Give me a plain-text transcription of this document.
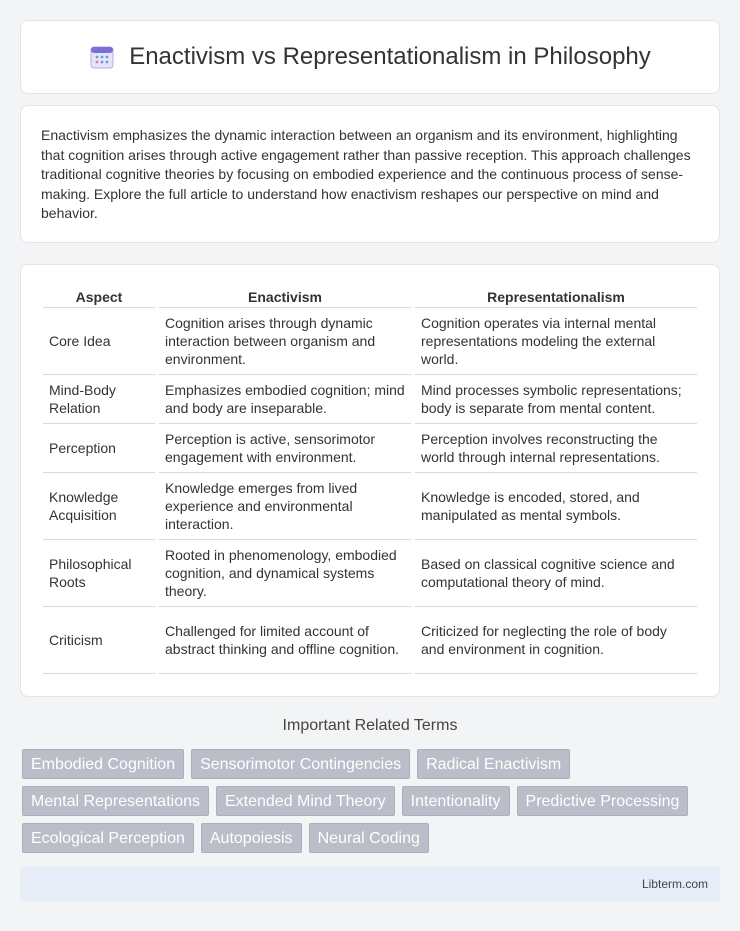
Enactivism vs Representationalism in Philosophy

Enactivism emphasizes the dynamic interaction between an organism and its environment, highlighting that cognition arises through active engagement rather than passive reception. This approach challenges traditional cognitive theories by focusing on embodied experience and the continuous process of sense-making. Explore the full article to understand how enactivism reshapes our perspective on mind and behavior.

Aspect	Enactivism	Representationalism
Core Idea	Cognition arises through dynamic interaction between organism and environment.	Cognition operates via internal mental representations modeling the external world.
Mind-Body Relation	Emphasizes embodied cognition; mind and body are inseparable.	Mind processes symbolic representations; body is separate from mental content.
Perception	Perception is active, sensorimotor engagement with environment.	Perception involves reconstructing the world through internal representations.
Knowledge Acquisition	Knowledge emerges from lived experience and environmental interaction.	Knowledge is encoded, stored, and manipulated as mental symbols.
Philosophical Roots	Rooted in phenomenology, embodied cognition, and dynamical systems theory.	Based on classical cognitive science and computational theory of mind.
Criticism	Challenged for limited account of abstract thinking and offline cognition.	Criticized for neglecting the role of body and environment in cognition.
Important Related Terms
Embodied Cognition	Sensorimotor Contingencies	Radical Enactivism
Mental Representations	Extended Mind Theory	Intentionality	Predictive Processing
Ecological Perception	Autopoiesis	Neural Coding
Libterm.com
